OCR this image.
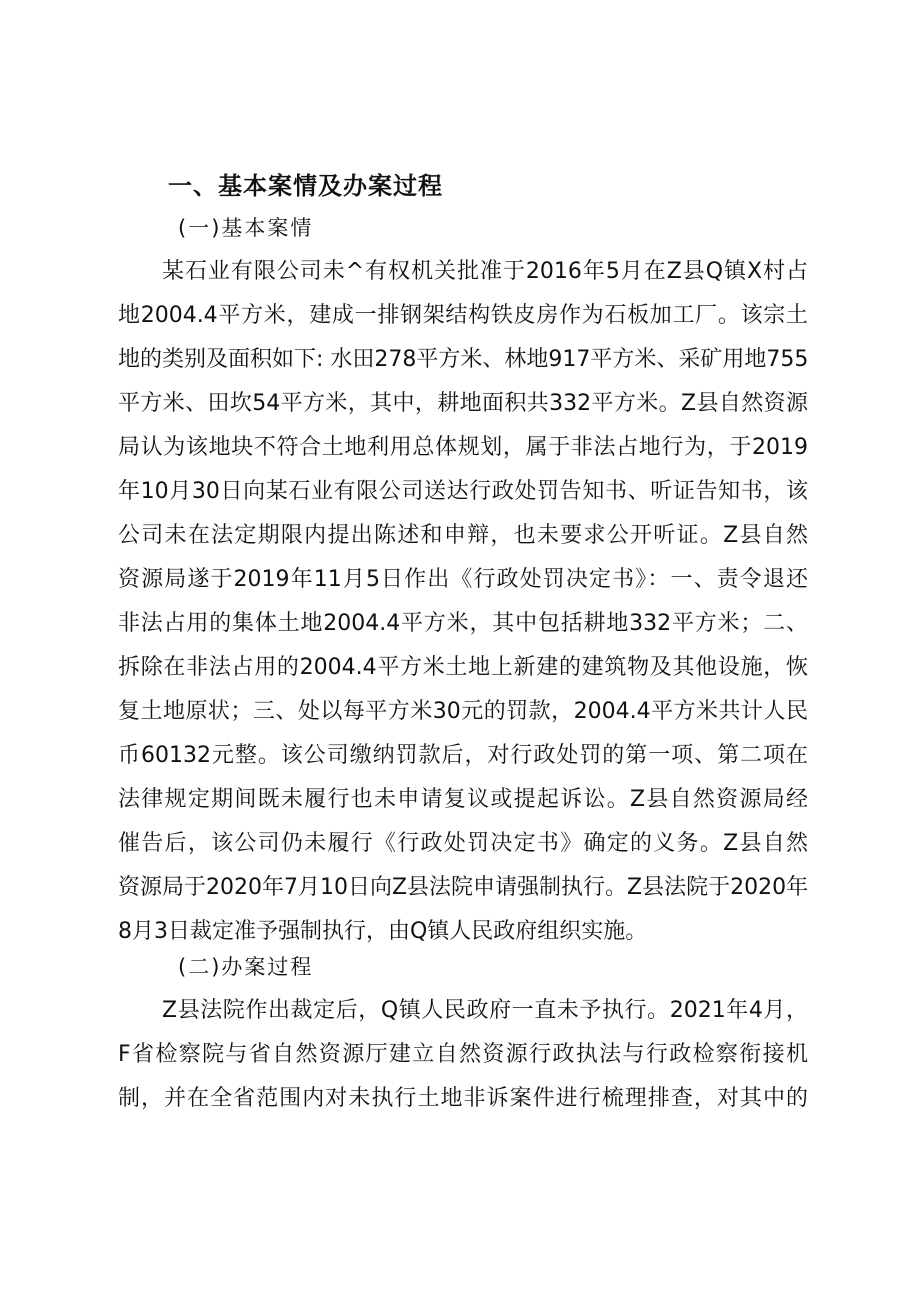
一、基本案情及办案过程
(一)基本案情
某石业有限公司未^有权机关批准于2016年5月在Z县Q镇X村占
地2004.4平方米，建成一排钢架结构铁皮房作为石板加工厂。该宗土
地的类别及面积如下: 水田278平方米、林地917平方米、采矿用地755
平方米、田坎54平方米，其中，耕地面积共332平方米。Z县自然资源
局认为该地块不符合土地利用总体规划，属于非法占地行为，于2019
年10月30日向某石业有限公司送达行政处罚告知书、听证告知书，该
公司未在法定期限内提出陈述和申辩，也未要求公开听证。Z县自然
资源局遂于2019年11月5日作出《行政处罚决定书》：一、责令退还
非法占用的集体土地2004.4平方米，其中包括耕地332平方米；二、
拆除在非法占用的2004.4平方米土地上新建的建筑物及其他设施，恢
复土地原状；三、处以每平方米30元的罚款，2004.4平方米共计人民
币60132元整。该公司缴纳罚款后，对行政处罚的第一项、第二项在
法律规定期间既未履行也未申请复议或提起诉讼。Z县自然资源局经
催告后，该公司仍未履行《行政处罚决定书》确定的义务。Z县自然
资源局于2020年7月10日向Z县法院申请强制执行。Z县法院于2020年
8月3日裁定准予强制执行，由Q镇人民政府组织实施。
(二)办案过程
Z县法院作出裁定后，Q镇人民政府一直未予执行。2021年4月，
F省检察院与省自然资源厅建立自然资源行政执法与行政检察衔接机
制，并在全省范围内对未执行土地非诉案件进行梳理排查，对其中的
